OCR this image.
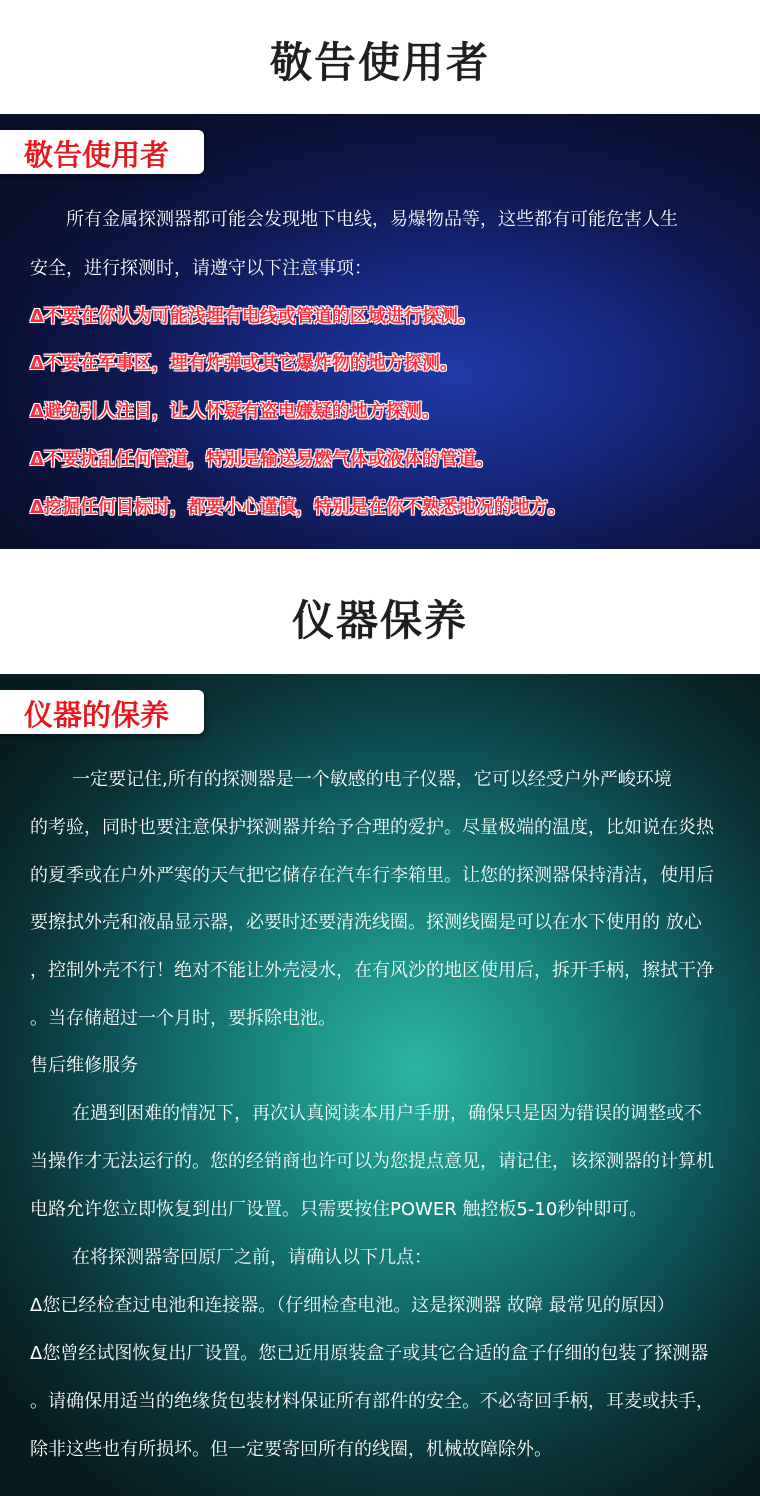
敬告使用者
敬告使用者
所有金属探测器都可能会发现地下电线，易爆物品等，这些都有可能危害人生
安全，进行探测时，请遵守以下注意事项：
Δ不要在你认为可能浅埋有电线或管道的区域进行探测。
Δ不要在军事区，埋有炸弹或其它爆炸物的地方探测。
Δ避免引人注目，让人怀疑有盗电嫌疑的地方探测。
Δ不要扰乱任何管道，特别是输送易燃气体或液体的管道。
Δ挖掘任何目标时，都要小心谨慎，特别是在你不熟悉地况的地方。
仪器保养
仪器的保养
一定要记住,所有的探测器是一个敏感的电子仪器，它可以经受户外严峻环境
的考验，同时也要注意保护探测器并给予合理的爱护。尽量极端的温度，比如说在炎热
的夏季或在户外严寒的天气把它储存在汽车行李箱里。让您的探测器保持清洁，使用后
要擦拭外壳和液晶显示器，必要时还要清洗线圈。探测线圈是可以在水下使用的 放心
，控制外壳不行！绝对不能让外壳浸水，在有风沙的地区使用后，拆开手柄，擦拭干净
。当存储超过一个月时，要拆除电池。
售后维修服务
在遇到困难的情况下，再次认真阅读本用户手册，确保只是因为错误的调整或不
当操作才无法运行的。您的经销商也许可以为您提点意见，请记住，该探测器的计算机
电路允许您立即恢复到出厂设置。只需要按住POWER 触控板5-10秒钟即可。
在将探测器寄回原厂之前，请确认以下几点：
Δ您已经检查过电池和连接器。（仔细检查电池。这是探测器 故障 最常见的原因）
Δ您曾经试图恢复出厂设置。您已近用原装盒子或其它合适的盒子仔细的包装了探测器
。请确保用适当的绝缘货包装材料保证所有部件的安全。不必寄回手柄，耳麦或扶手，
除非这些也有所损坏。但一定要寄回所有的线圈，机械故障除外。
